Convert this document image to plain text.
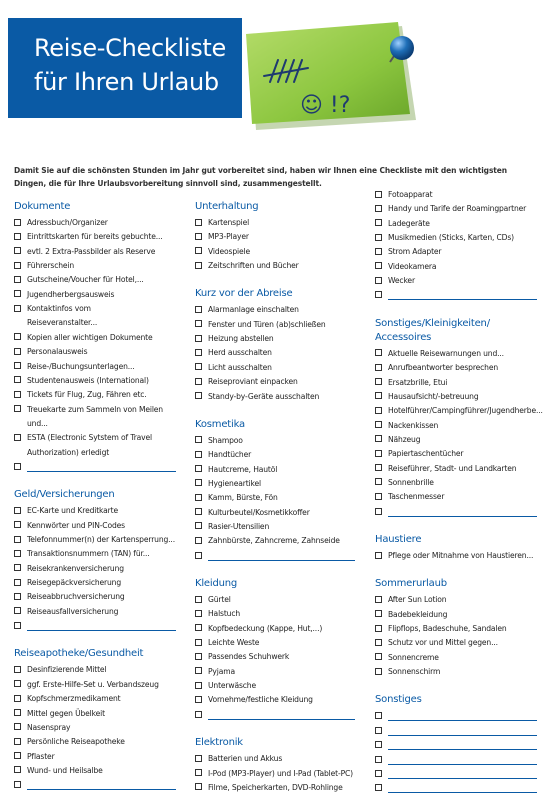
Reise-Checkliste
für Ihren Urlaub
☺ !?
Damit Sie auf die schönsten Stunden im Jahr gut vorbereitet sind, haben wir Ihnen eine Checkliste mit den wichtigsten Dingen, die für Ihre Urlaubsvorbereitung sinnvoll sind, zusammengestellt.
Dokumente
Adressbuch/Organizer
Eintrittskarten für bereits gebuchte...
evtl. 2 Extra-Passbilder als Reserve
Führerschein
Gutscheine/Voucher für Hotel,...
Jugendherbergsausweis
Kontaktinfos vom
Reiseveranstalter...
Kopien aller wichtigen Dokumente
Personalausweis
Reise-/Buchungsunterlagen...
Studentenausweis (International)
Tickets für Flug, Zug, Fähren etc.
Treuekarte zum Sammeln von Meilen
und...
ESTA (Electronic Sytstem of Travel
Authorization) erledigt
Geld/Versicherungen
EC-Karte und Kreditkarte
Kennwörter und PIN-Codes
Telefonnummer(n) der Kartensperrung...
Transaktionsnummern (TAN) für...
Reisekrankenversicherung
Reisegepäckversicherung
Reiseabbruchversicherung
Reiseausfallversicherung
Reiseapotheke/Gesundheit
Desinfizierende Mittel
ggf. Erste-Hilfe-Set u. Verbandszeug
Kopfschmerzmedikament
Mittel gegen Übelkeit
Nasenspray
Persönliche Reiseapotheke
Pflaster
Wund- und Heilsalbe
Unterhaltung
Kartenspiel
MP3-Player
Videospiele
Zeitschriften und Bücher
Kurz vor der Abreise
Alarmanlage einschalten
Fenster und Türen (ab)schließen
Heizung abstellen
Herd ausschalten
Licht ausschalten
Reiseproviant einpacken
Standy-by-Geräte ausschalten
Kosmetika
Shampoo
Handtücher
Hautcreme, Hautöl
Hygieneartikel
Kamm, Bürste, Fön
Kulturbeutel/Kosmetikkoffer
Rasier-Utensilien
Zahnbürste, Zahncreme, Zahnseide
Kleidung
Gürtel
Halstuch
Kopfbedeckung (Kappe, Hut,...)
Leichte Weste
Passendes Schuhwerk
Pyjama
Unterwäsche
Vornehme/festliche Kleidung
Elektronik
Batterien und Akkus
I-Pod (MP3-Player) und I-Pad (Tablet-PC)
Filme, Speicherkarten, DVD-Rohlinge
Fotoapparat
Handy und Tarife der Roamingpartner
Ladegeräte
Musikmedien (Sticks, Karten, CDs)
Strom Adapter
Videokamera
Wecker
Sonstiges/Kleinigkeiten/
Accessoires
Aktuelle Reisewarnungen und...
Anrufbeantworter besprechen
Ersatzbrille, Etui
Hausaufsicht/-betreuung
Hotelführer/Campingführer/Jugendherbe...
Nackenkissen
Nähzeug
Papiertaschentücher
Reiseführer, Stadt- und Landkarten
Sonnenbrille
Taschenmesser
Haustiere
Pflege oder Mitnahme von Haustieren...
Sommerurlaub
After Sun Lotion
Badebekleidung
Flipflops, Badeschuhe, Sandalen
Schutz vor und Mittel gegen...
Sonnencreme
Sonnenschirm
Sonstiges
